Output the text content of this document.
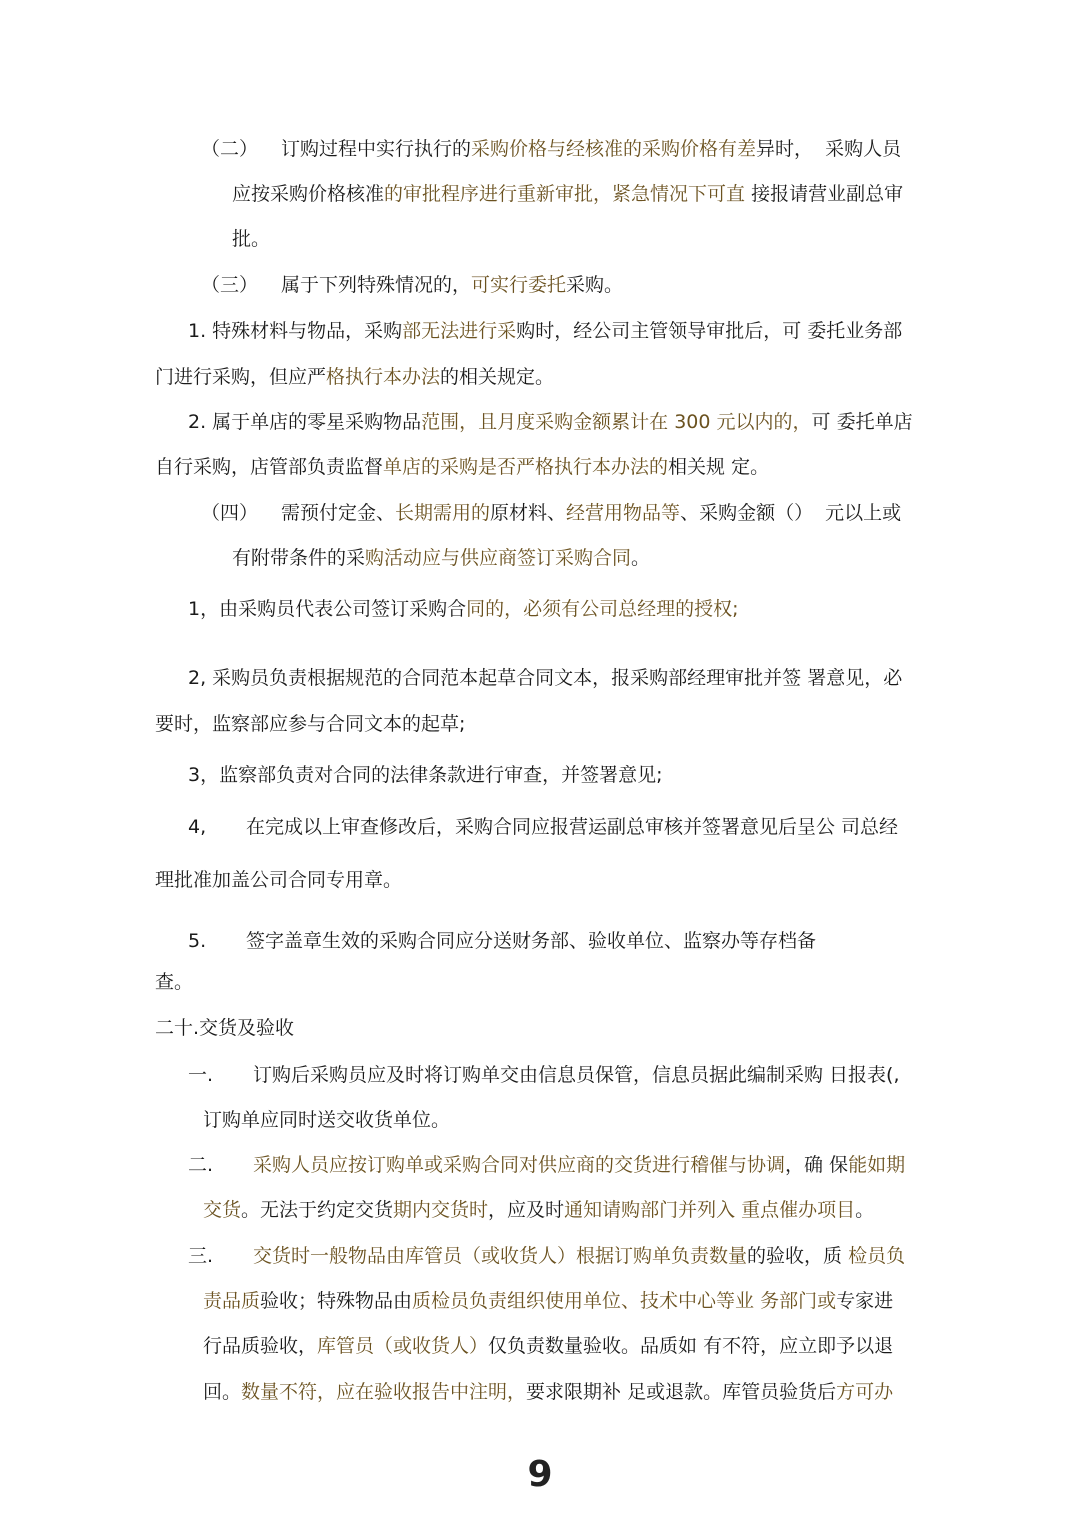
（二） 订购过程中实行执行的采购价格与经核准的采购价格有差异时，  采购人员
应按采购价格核准的审批程序进行重新审批，紧急情况下可直 接报请营业副总审
批。
（三） 属于下列特殊情况的，可实行委托采购。
1. 特殊材料与物品，采购部无法进行采购时，经公司主管领导审批后，可 委托业务部
门进行采购，但应严格执行本办法的相关规定。
2. 属于单店的零星采购物品范围，且月度采购金额累计在 300 元以内的，可 委托单店
自行采购，店管部负责监督单店的采购是否严格执行本办法的相关规 定。
（四） 需预付定金、长期需用的原材料、经营用物品等、采购金额（）  元以上或
有附带条件的采购活动应与供应商签订采购合同。
1，由采购员代表公司签订采购合同的，必须有公司总经理的授权;
2, 采购员负责根据规范的合同范本起草合同文本，报采购部经理审批并签 署意见，必
要时，监察部应参与合同文本的起草;
3，监察部负责对合同的法律条款进行审查，并签署意见;
4, 在完成以上审查修改后，采购合同应报营运副总审核并签署意见后呈公 司总经
理批准加盖公司合同专用章。
5. 签字盖章生效的采购合同应分送财务部、验收单位、监察办等存档备
查。
二十.交货及验收
一. 订购后采购员应及时将订购单交由信息员保管，信息员据此编制采购 日报表(,
订购单应同时送交收货单位。
二. 采购人员应按订购单或采购合同对供应商的交货进行稽催与协调，确 保能如期
交货。无法于约定交货期内交货时，应及时通知请购部门并列入 重点催办项目。
三. 交货时一般物品由库管员（或收货人）根据订购单负责数量的验收，质 检员负
责品质验收；特殊物品由质检员负责组织使用单位、技术中心等业 务部门或专家进
行品质验收，库管员（或收货人）仅负责数量验收。品质如 有不符，应立即予以退
回。数量不符，应在验收报告中注明，要求限期补 足或退款。库管员验货后方可办
9
